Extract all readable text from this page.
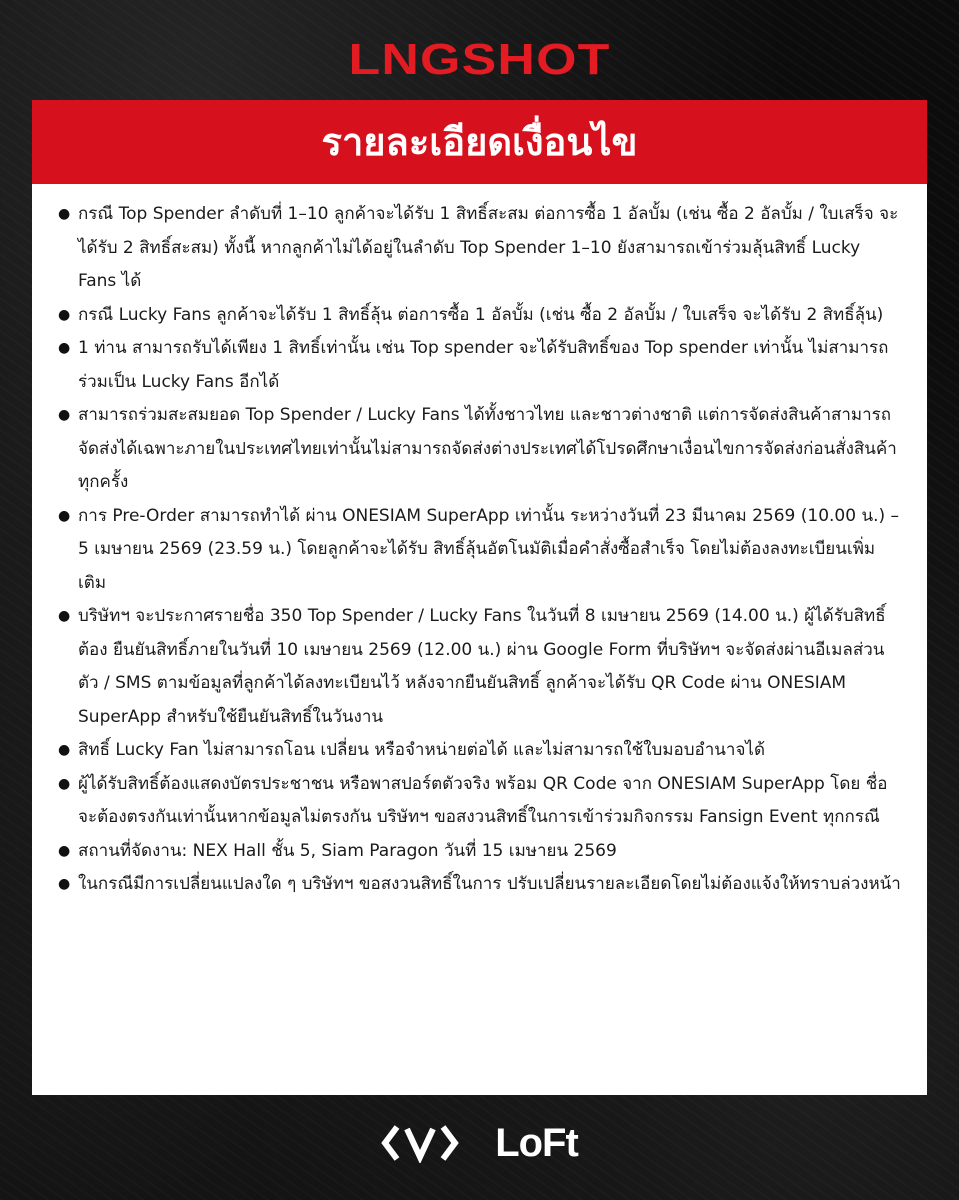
LNGSHOT
รายละเอียดเงื่อนไข
● กรณี Top Spender ลำดับที่ 1–10 ลูกค้าจะได้รับ 1 สิทธิ์สะสม ต่อการซื้อ 1 อัลบั้ม (เช่น ซื้อ 2 อัลบั้ม / ใบเสร็จ จะได้รับ 2 สิทธิ์สะสม) ทั้งนี้ หากลูกค้าไม่ได้อยู่ในลำดับ Top Spender 1–10 ยังสามารถเข้าร่วมลุ้นสิทธิ์ Lucky Fans ได้
● กรณี Lucky Fans ลูกค้าจะได้รับ 1 สิทธิ์ลุ้น ต่อการซื้อ 1 อัลบั้ม (เช่น ซื้อ 2 อัลบั้ม / ใบเสร็จ จะได้รับ 2 สิทธิ์ลุ้น)
● 1 ท่าน สามารถรับได้เพียง 1 สิทธิ์เท่านั้น เช่น Top spender จะได้รับสิทธิ์ของ Top spender เท่านั้น ไม่สามารถร่วมเป็น Lucky Fans อีกได้
● สามารถร่วมสะสมยอด Top Spender / Lucky Fans ได้ทั้งชาวไทย และชาวต่างชาติ แต่การจัดส่งสินค้าสามารถจัดส่งได้เฉพาะภายในประเทศไทยเท่านั้นไม่สามารถจัดส่งต่างประเทศได้โปรดศึกษาเงื่อนไขการจัดส่งก่อนสั่งสินค้าทุกครั้ง
● การ Pre-Order สามารถทำได้ ผ่าน ONESIAM SuperApp เท่านั้น ระหว่างวันที่ 23 มีนาคม 2569 (10.00 น.) – 5 เมษายน 2569 (23.59 น.) โดยลูกค้าจะได้รับ สิทธิ์ลุ้นอัตโนมัติเมื่อคำสั่งซื้อสำเร็จ โดยไม่ต้องลงทะเบียนเพิ่มเติม
● บริษัทฯ จะประกาศรายชื่อ 350 Top Spender / Lucky Fans ในวันที่ 8 เมษายน 2569 (14.00 น.) ผู้ได้รับสิทธิ์ต้อง ยืนยันสิทธิ์ภายในวันที่ 10 เมษายน 2569 (12.00 น.) ผ่าน Google Form ที่บริษัทฯ จะจัดส่งผ่านอีเมลส่วนตัว / SMS ตามข้อมูลที่ลูกค้าได้ลงทะเบียนไว้ หลังจากยืนยันสิทธิ์ ลูกค้าจะได้รับ QR Code ผ่าน ONESIAM SuperApp สำหรับใช้ยืนยันสิทธิ์ในวันงาน
● สิทธิ์ Lucky Fan ไม่สามารถโอน เปลี่ยน หรือจำหน่ายต่อได้ และไม่สามารถใช้ใบมอบอำนาจได้
● ผู้ได้รับสิทธิ์ต้องแสดงบัตรประชาชน หรือพาสปอร์ตตัวจริง พร้อม QR Code จาก ONESIAM SuperApp โดย ชื่อ จะต้องตรงกันเท่านั้นหากข้อมูลไม่ตรงกัน บริษัทฯ ขอสงวนสิทธิ์ในการเข้าร่วมกิจกรรม Fansign Event ทุกกรณี
● สถานที่จัดงาน: NEX Hall ชั้น 5, Siam Paragon วันที่ 15 เมษายน 2569
● ในกรณีมีการเปลี่ยนแปลงใด ๆ บริษัทฯ ขอสงวนสิทธิ์ในการ ปรับเปลี่ยนรายละเอียดโดยไม่ต้องแจ้งให้ทราบล่วงหน้า
LoFt
